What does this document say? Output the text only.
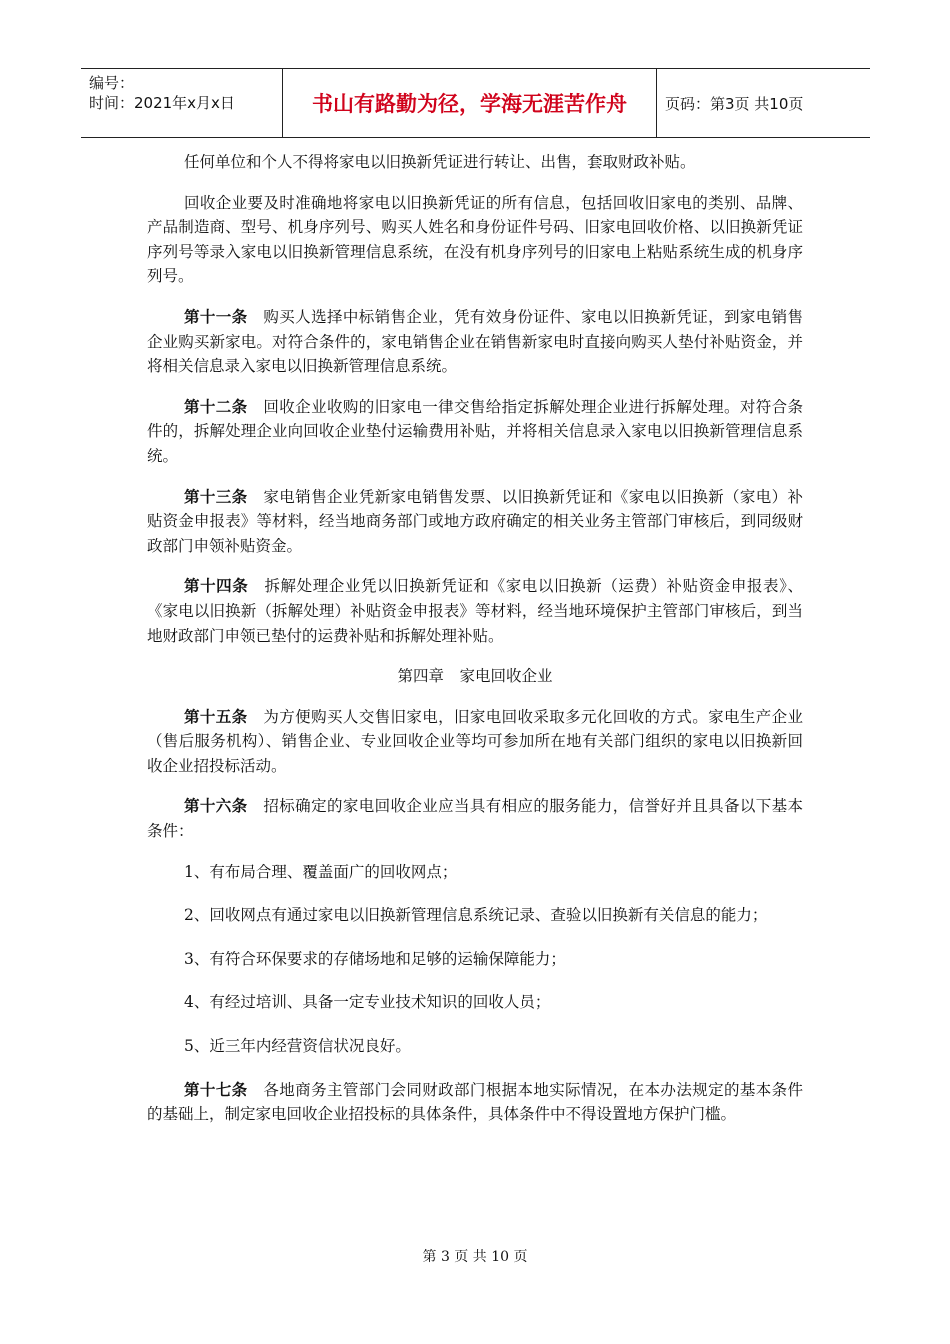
编号：
时间：2021年x月x日	书山有路勤为径，学海无涯苦作舟	页码：第3页 共10页

任何单位和个人不得将家电以旧换新凭证进行转让、出售，套取财政补贴。

回收企业要及时准确地将家电以旧换新凭证的所有信息，包括回收旧家电的类别、品牌、产品制造商、型号、机身序列号、购买人姓名和身份证件号码、旧家电回收价格、以旧换新凭证序列号等录入家电以旧换新管理信息系统，在没有机身序列号的旧家电上粘贴系统生成的机身序列号。

第十一条　 购买人选择中标销售企业，凭有效身份证件、家电以旧换新凭证，到家电销售企业购买新家电。对符合条件的，家电销售企业在销售新家电时直接向购买人垫付补贴资金，并将相关信息录入家电以旧换新管理信息系统。

第十二条　 回收企业收购的旧家电一律交售给指定拆解处理企业进行拆解处理。对符合条件的，拆解处理企业向回收企业垫付运输费用补贴，并将相关信息录入家电以旧换新管理信息系统。

第十三条　 家电销售企业凭新家电销售发票、以旧换新凭证和《家电以旧换新（家电）补贴资金申报表》等材料，经当地商务部门或地方政府确定的相关业务主管部门审核后，到同级财政部门申领补贴资金。

第十四条　 拆解处理企业凭以旧换新凭证和《家电以旧换新（运费）补贴资金申报表》、《家电以旧换新（拆解处理）补贴资金申报表》等材料，经当地环境保护主管部门审核后，到当地财政部门申领已垫付的运费补贴和拆解处理补贴。

第四章　家电回收企业

第十五条　 为方便购买人交售旧家电，旧家电回收采取多元化回收的方式。家电生产企业（售后服务机构）、销售企业、专业回收企业等均可参加所在地有关部门组织的家电以旧换新回收企业招投标活动。

第十六条　 招标确定的家电回收企业应当具有相应的服务能力，信誉好并且具备以下基本条件：

1、有布局合理、覆盖面广的回收网点；

2、回收网点有通过家电以旧换新管理信息系统记录、查验以旧换新有关信息的能力；

3、有符合环保要求的存储场地和足够的运输保障能力；

4、有经过培训、具备一定专业技术知识的回收人员；

5、近三年内经营资信状况良好。

第十七条　 各地商务主管部门会同财政部门根据本地实际情况，在本办法规定的基本条件的基础上，制定家电回收企业招投标的具体条件，具体条件中不得设置地方保护门槛。

第 3 页 共 10 页
